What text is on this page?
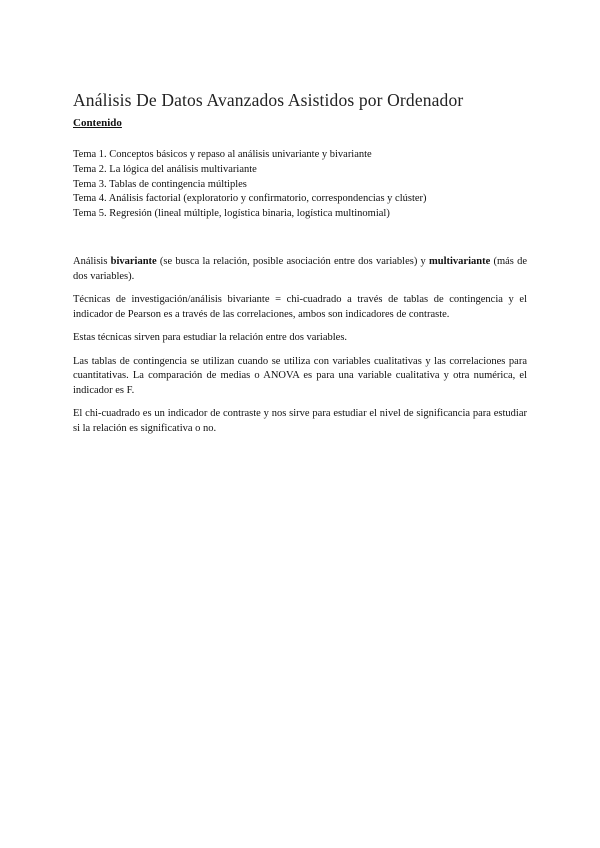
Análisis De Datos Avanzados Asistidos por Ordenador
Contenido
Tema 1. Conceptos básicos y repaso al análisis univariante y bivariante
Tema 2. La lógica del análisis multivariante
Tema 3. Tablas de contingencia múltiples
Tema 4. Análisis factorial (exploratorio y confirmatorio, correspondencias y clúster)
Tema 5. Regresión (lineal múltiple, logística binaria, logística multinomial)

Análisis bivariante (se busca la relación, posible asociación entre dos variables) y multivariante (más de dos variables).

Técnicas de investigación/análisis bivariante = chi-cuadrado a través de tablas de contingencia y el indicador de Pearson es a través de las correlaciones, ambos son indicadores de contraste.

Estas técnicas sirven para estudiar la relación entre dos variables.

Las tablas de contingencia se utilizan cuando se utiliza con variables cualitativas y las correlaciones para cuantitativas. La comparación de medias o ANOVA es para una variable cualitativa y otra numérica, el indicador es F.

El chi-cuadrado es un indicador de contraste y nos sirve para estudiar el nivel de significancia para estudiar si la relación es significativa o no.
